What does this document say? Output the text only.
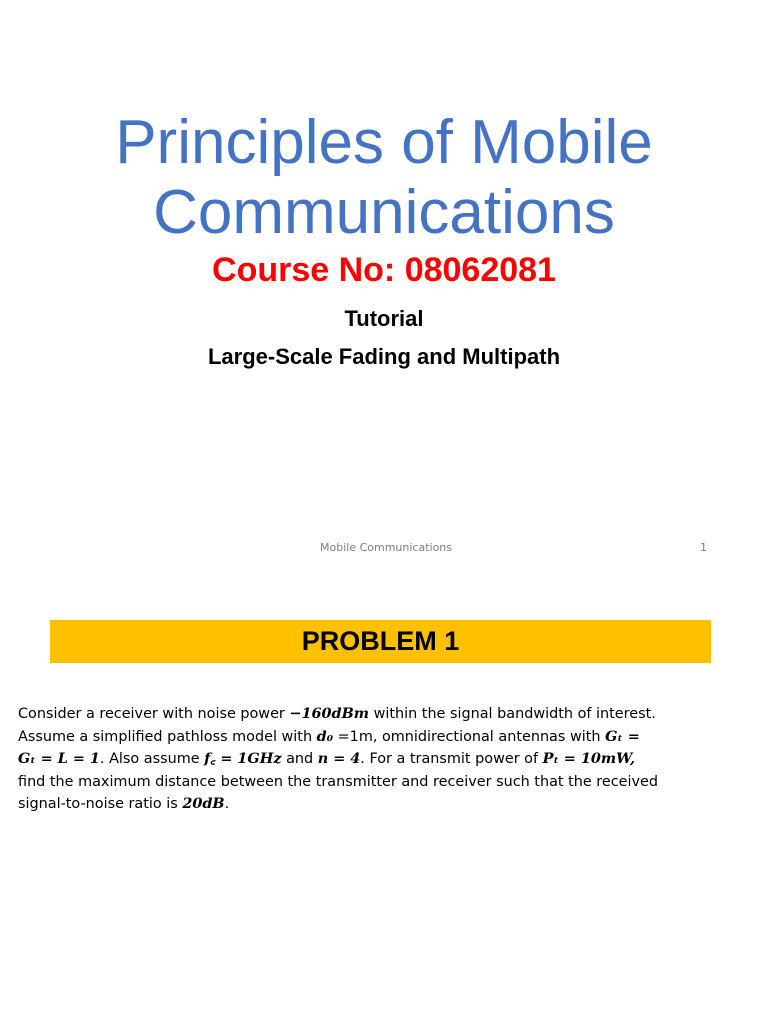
Principles of Mobile
Communications
Course No: 08062081
Tutorial
Large-Scale Fading and Multipath
Mobile Communications	1
PROBLEM 1
Consider a receiver with noise power −160dBm within the signal bandwidth of interest.
Assume a simplified pathloss model with d₀ =1m, omnidirectional antennas with Gₜ =
Gₜ = L = 1. Also assume f꜀ = 1GHz and n = 4. For a transmit power of Pₜ = 10mW,
find the maximum distance between the transmitter and receiver such that the received
signal-to-noise ratio is 20dB.
